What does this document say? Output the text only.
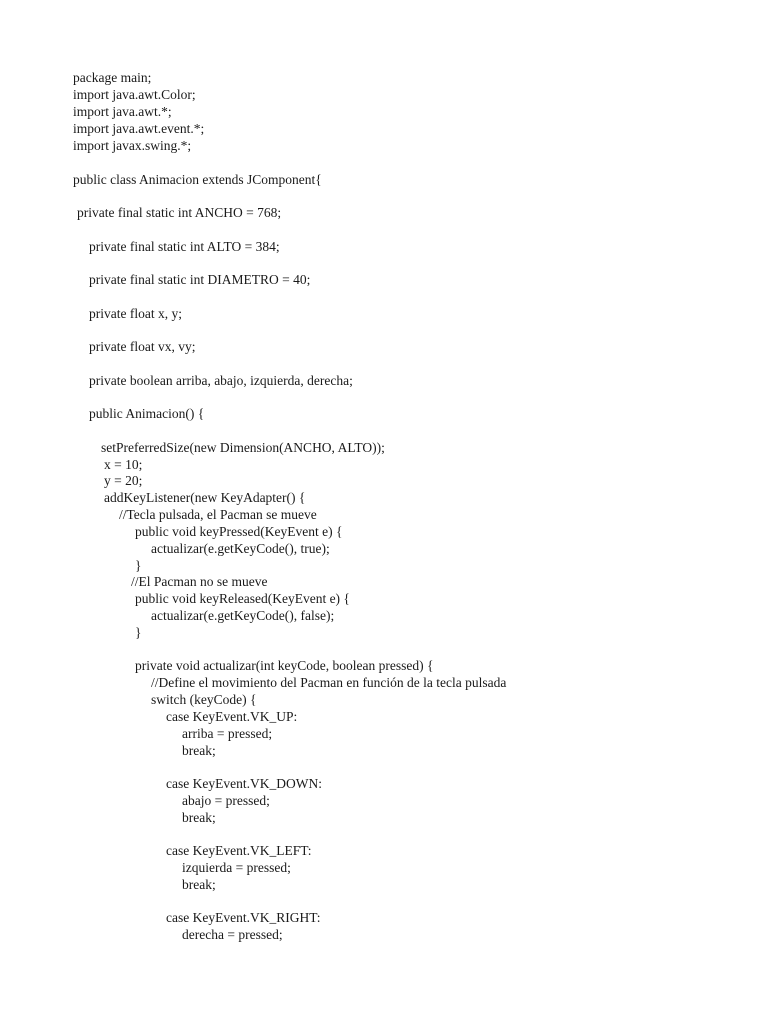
package main;
import java.awt.Color;
import java.awt.*;
import java.awt.event.*;
import javax.swing.*;
public class Animacion extends JComponent{
private final static int ANCHO = 768;
private final static int ALTO = 384;
private final static int DIAMETRO = 40;
private float x, y;
private float vx, vy;
private boolean arriba, abajo, izquierda, derecha;
public Animacion() {
setPreferredSize(new Dimension(ANCHO, ALTO));
x = 10;
y = 20;
addKeyListener(new KeyAdapter() {
//Tecla pulsada, el Pacman se mueve
public void keyPressed(KeyEvent e) {
actualizar(e.getKeyCode(), true);
}
//El Pacman no se mueve
public void keyReleased(KeyEvent e) {
actualizar(e.getKeyCode(), false);
}
private void actualizar(int keyCode, boolean pressed) {
//Define el movimiento del Pacman en función de la tecla pulsada
switch (keyCode) {
case KeyEvent.VK_UP:
arriba = pressed;
break;
case KeyEvent.VK_DOWN:
abajo = pressed;
break;
case KeyEvent.VK_LEFT:
izquierda = pressed;
break;
case KeyEvent.VK_RIGHT:
derecha = pressed;
